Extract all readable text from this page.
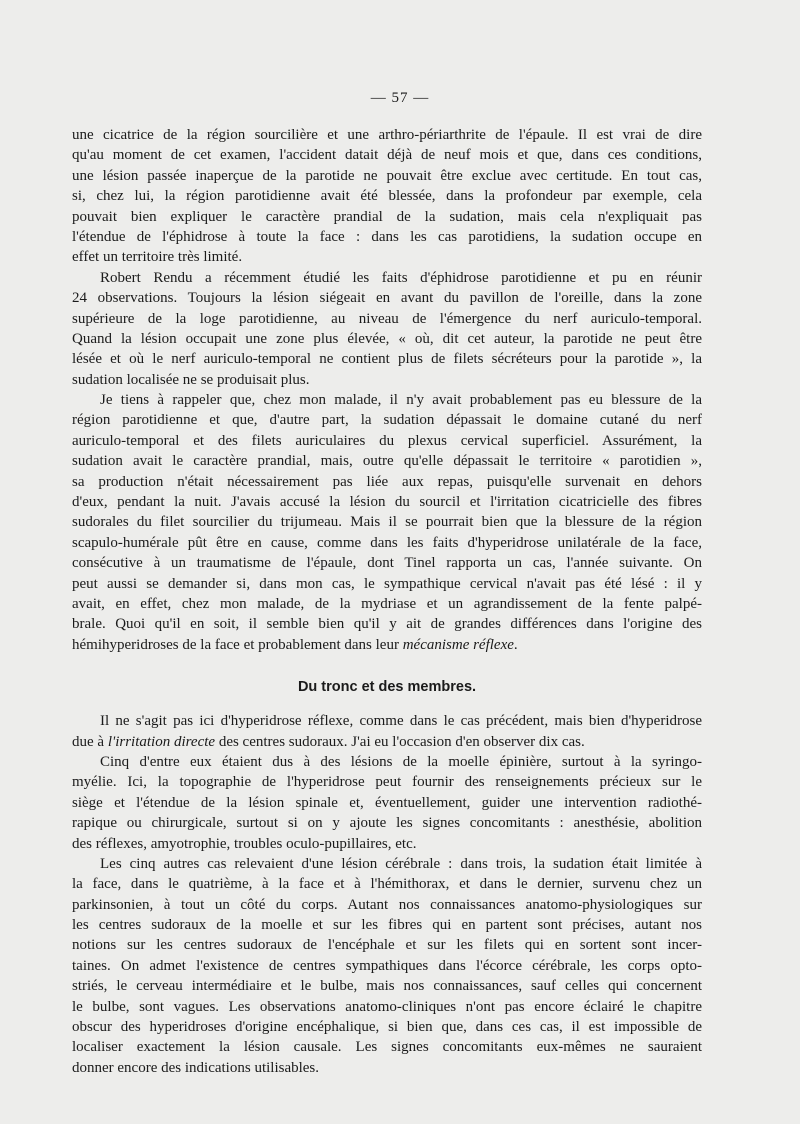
— 57 —
une cicatrice de la région sourcilière et une arthro-périarthrite de l'épaule. Il est vrai de dire
qu'au moment de cet examen, l'accident datait déjà de neuf mois et que, dans ces conditions,
une lésion passée inaperçue de la parotide ne pouvait être exclue avec certitude. En tout cas,
si, chez lui, la région parotidienne avait été blessée, dans la profondeur par exemple, cela
pouvait bien expliquer le caractère prandial de la sudation, mais cela n'expliquait pas
l'étendue de l'éphidrose à toute la face : dans les cas parotidiens, la sudation occupe en
effet un territoire très limité.
Robert Rendu a récemment étudié les faits d'éphidrose parotidienne et pu en réunir
24 observations. Toujours la lésion siégeait en avant du pavillon de l'oreille, dans la zone
supérieure de la loge parotidienne, au niveau de l'émergence du nerf auriculo-temporal.
Quand la lésion occupait une zone plus élevée, « où, dit cet auteur, la parotide ne peut être
lésée et où le nerf auriculo-temporal ne contient plus de filets sécréteurs pour la parotide », la
sudation localisée ne se produisait plus.
Je tiens à rappeler que, chez mon malade, il n'y avait probablement pas eu blessure de la
région parotidienne et que, d'autre part, la sudation dépassait le domaine cutané du nerf
auriculo-temporal et des filets auriculaires du plexus cervical superficiel. Assurément, la
sudation avait le caractère prandial, mais, outre qu'elle dépassait le territoire « parotidien »,
sa production n'était nécessairement pas liée aux repas, puisqu'elle survenait en dehors
d'eux, pendant la nuit. J'avais accusé la lésion du sourcil et l'irritation cicatricielle des fibres
sudorales du filet sourcilier du trijumeau. Mais il se pourrait bien que la blessure de la région
scapulo-humérale pût être en cause, comme dans les faits d'hyperidrose unilatérale de la face,
consécutive à un traumatisme de l'épaule, dont Tinel rapporta un cas, l'année suivante. On
peut aussi se demander si, dans mon cas, le sympathique cervical n'avait pas été lésé : il y
avait, en effet, chez mon malade, de la mydriase et un agrandissement de la fente palpé-
brale. Quoi qu'il en soit, il semble bien qu'il y ait de grandes différences dans l'origine des
hémihyperidroses de la face et probablement dans leur mécanisme réflexe.
Du tronc et des membres.
Il ne s'agit pas ici d'hyperidrose réflexe, comme dans le cas précédent, mais bien d'hyperidrose
due à l'irritation directe des centres sudoraux. J'ai eu l'occasion d'en observer dix cas.
Cinq d'entre eux étaient dus à des lésions de la moelle épinière, surtout à la syringo-
myélie. Ici, la topographie de l'hyperidrose peut fournir des renseignements précieux sur le
siège et l'étendue de la lésion spinale et, éventuellement, guider une intervention radiothé-
rapique ou chirurgicale, surtout si on y ajoute les signes concomitants : anesthésie, abolition
des réflexes, amyotrophie, troubles oculo-pupillaires, etc.
Les cinq autres cas relevaient d'une lésion cérébrale : dans trois, la sudation était limitée à
la face, dans le quatrième, à la face et à l'hémithorax, et dans le dernier, survenu chez un
parkinsonien, à tout un côté du corps. Autant nos connaissances anatomo-physiologiques sur
les centres sudoraux de la moelle et sur les fibres qui en partent sont précises, autant nos
notions sur les centres sudoraux de l'encéphale et sur les filets qui en sortent sont incer-
taines. On admet l'existence de centres sympathiques dans l'écorce cérébrale, les corps opto-
striés, le cerveau intermédiaire et le bulbe, mais nos connaissances, sauf celles qui concernent
le bulbe, sont vagues. Les observations anatomo-cliniques n'ont pas encore éclairé le chapitre
obscur des hyperidroses d'origine encéphalique, si bien que, dans ces cas, il est impossible de
localiser exactement la lésion causale. Les signes concomitants eux-mêmes ne sauraient
donner encore des indications utilisables.
